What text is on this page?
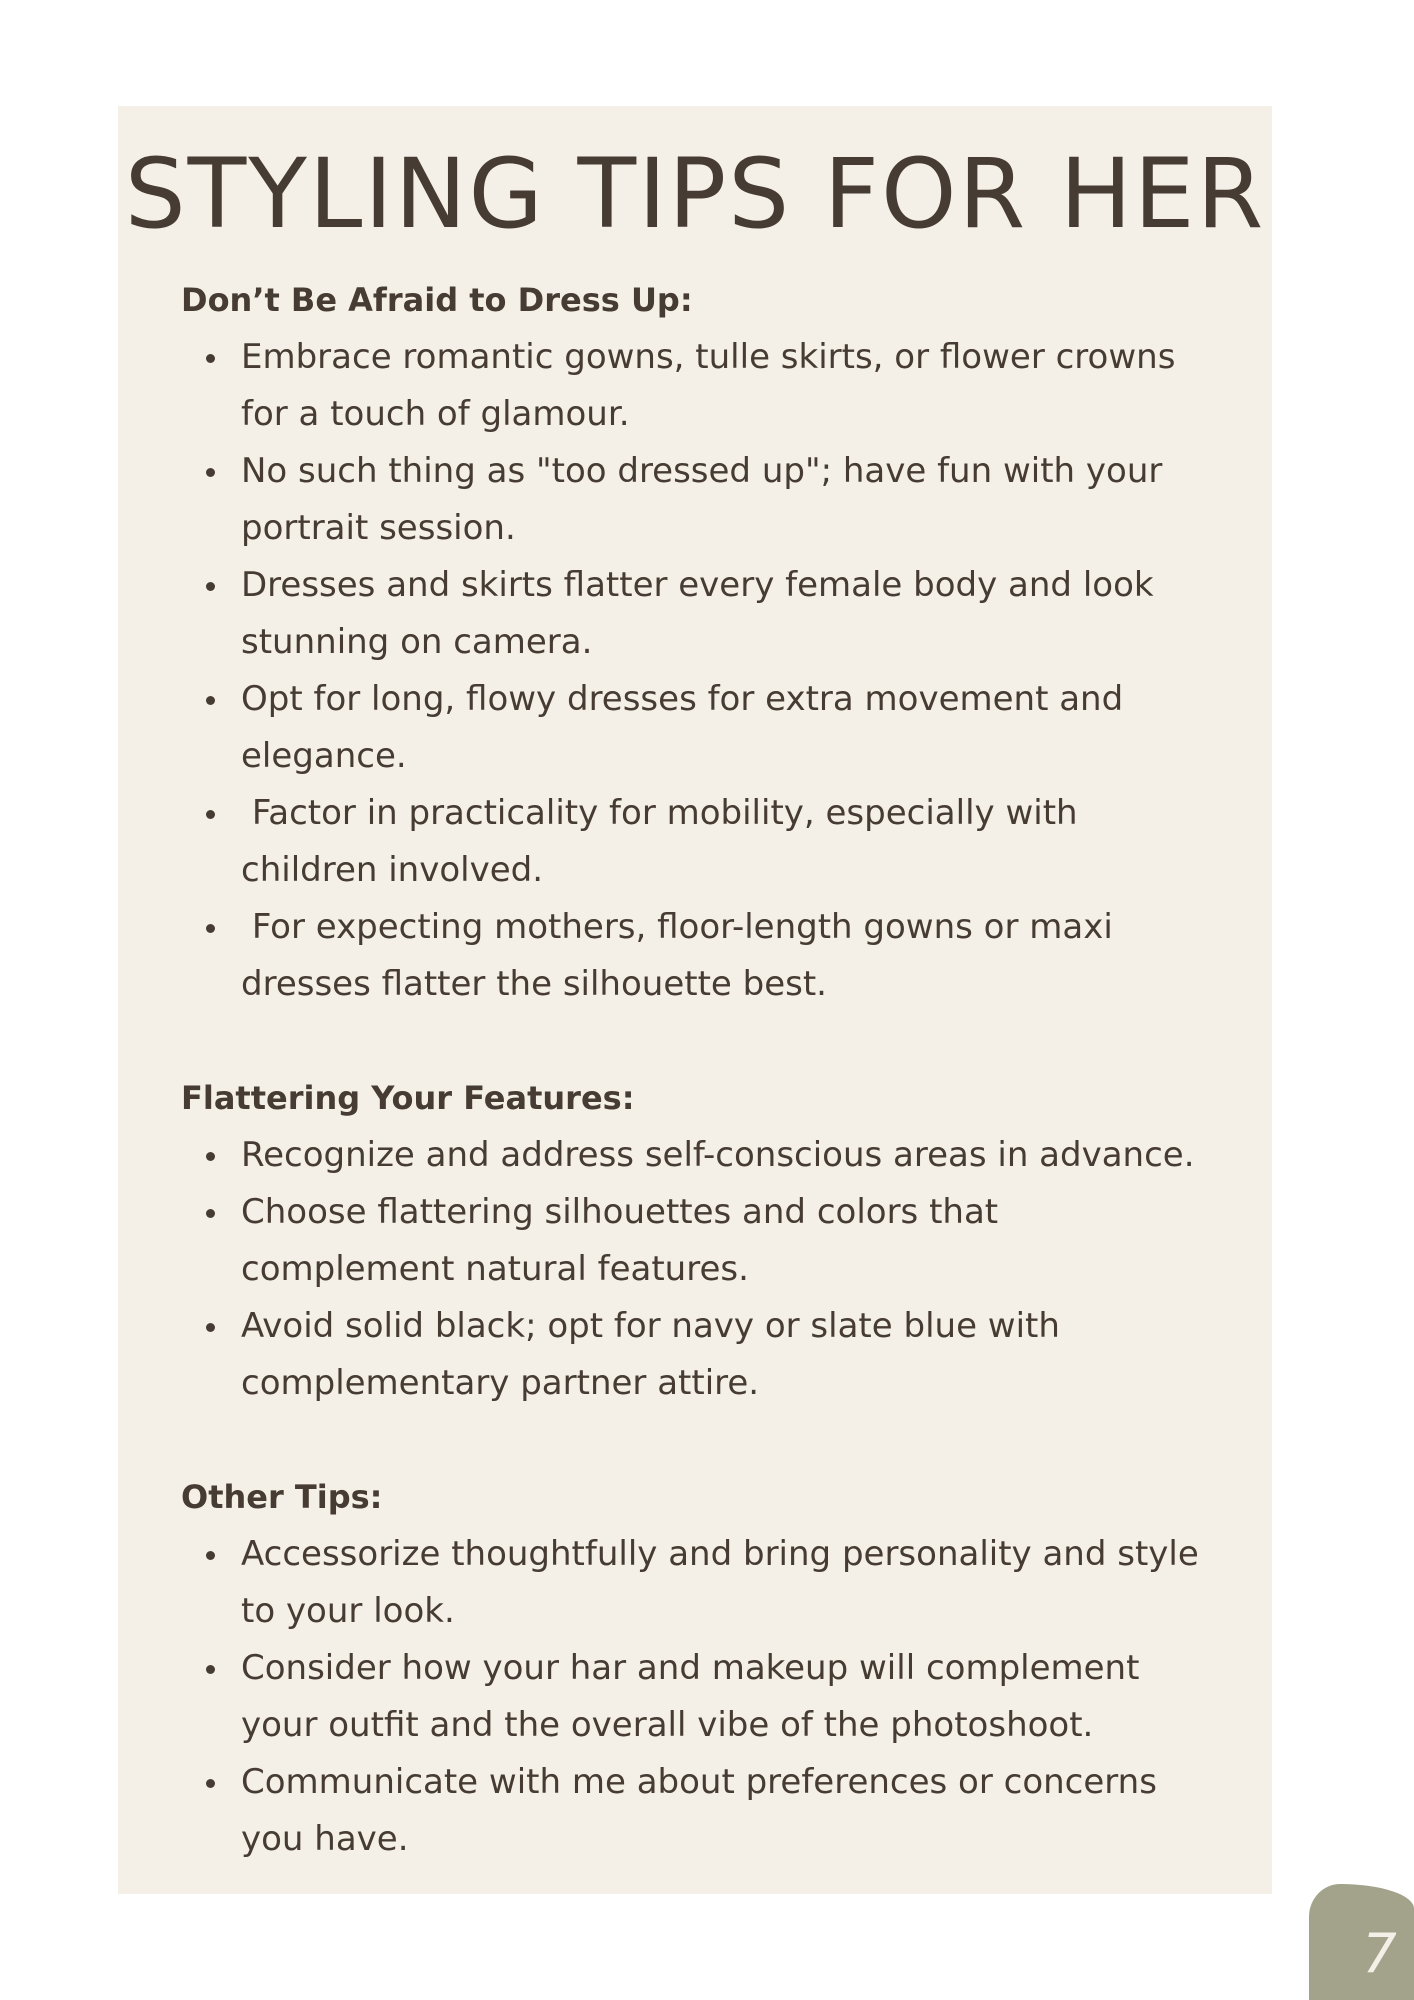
STYLING TIPS FOR HER
Don’t Be Afraid to Dress Up:
Embrace romantic gowns, tulle skirts, or flower crowns for a touch of glamour.
No such thing as "too dressed up"; have fun with your portrait session.
Dresses and skirts flatter every female body and look stunning on camera.
Opt for long, flowy dresses for extra movement and elegance.
Factor in practicality for mobility, especially with children involved.
For expecting mothers, floor-length gowns or maxi dresses flatter the silhouette best.
Flattering Your Features:
Recognize and address self-conscious areas in advance.
Choose flattering silhouettes and colors that complement natural features.
Avoid solid black; opt for navy or slate blue with complementary partner attire.
Other Tips:
Accessorize thoughtfully and bring personality and style to your look.
Consider how your har and makeup will complement your outfit and the overall vibe of the photoshoot.
Communicate with me about preferences or concerns you have.
7
